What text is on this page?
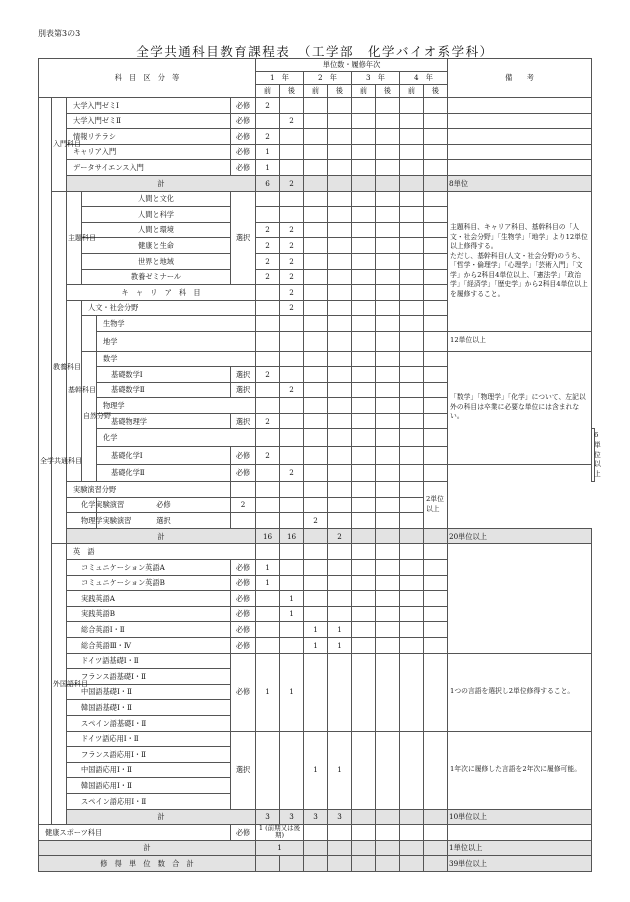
別表第3の3
全学共通科目教育課程表　（工学部　化学バイオ系学科）
科　目　区　分　等						単位数・履修年次								備　　考	
						1　年		2　年		3　年		4　年			
						前	後	前	後	前	後	前	後		
全学共通科目	入門科目	大学入門ゼミⅠ			必修	2									
		大学入門ゼミⅡ			必修		2								
		情報リテラシ			必修	2									
		キャリア入門			必修	1									
		データサイエンス入門			必修	1									
		計				6	2							8単位	
	教養科目	主題科目	人間と文化		選択									主題科目、キャリア科目、基幹科目の「人文・社会分野」「生物学」「地学」より12単位以上修得する。
ただし、基幹科目(人文・社会分野)のうち、「哲学・倫理学」「心理学」「芸術入門」「文学」から2科目4単位以上、「憲法学」「政治学」「経済学」「歴史学」から2科目4単位以上を履修すること。	

			人間と科学												
			人間と環境			2	2								
			健康と生命			2	2								
			世界と地域			2	2								
			教養ゼミナール			2	2								
		キ　ャ　リ　ア　科　目					2								
		基幹科目	人文・社会分野				2								
				生物学											
				地学										12単位以上	
			自然分野	数学										「数学」「物理学」「化学」について、左記以外の科目は卒業に必要な単位には含まれない。	
				基礎数学Ⅰ	選択	2									
				基礎数学Ⅱ	選択		2								
				物理学											
				基礎物理学	選択	2									
				化学											6単位以上
				基礎化学Ⅰ	必修	2									
				基礎化学Ⅱ	必修		2								
		実験演習分野											2単位以上		
		化学実験演習		必修	2										
		物理学実験演習		選択				2							
		計				16	16		2					20単位以上	
	外国語科目	英　語													
		コミュニケーション英語A			必修	1									
		コミュニケーション英語B			必修	1									
		実践英語A			必修		1								
		実践英語B			必修		1								
		総合英語Ⅰ・Ⅱ			必修			1	1						
		総合英語Ⅲ・Ⅳ			必修			1	1						
		ドイツ語基礎Ⅰ・Ⅱ			必修	1	1							1つの言語を選択し2単位修得すること。	
		フランス語基礎Ⅰ・Ⅱ													
		中国語基礎Ⅰ・Ⅱ													
		韓国語基礎Ⅰ・Ⅱ													
		スペイン語基礎Ⅰ・Ⅱ													
		ドイツ語応用Ⅰ・Ⅱ			選択			1	1					1年次に履修した言語を2年次に履修可能。	
		フランス語応用Ⅰ・Ⅱ													
		中国語応用Ⅰ・Ⅱ													
		韓国語応用Ⅰ・Ⅱ													
		スペイン語応用Ⅰ・Ⅱ													
		計				3	3	3	3					10単位以上	
健康スポーツ科目					必修	1 (前期又は後期)									
計						1								1単位以上	
修　得　単　位　数　合　計														39単位以上	
